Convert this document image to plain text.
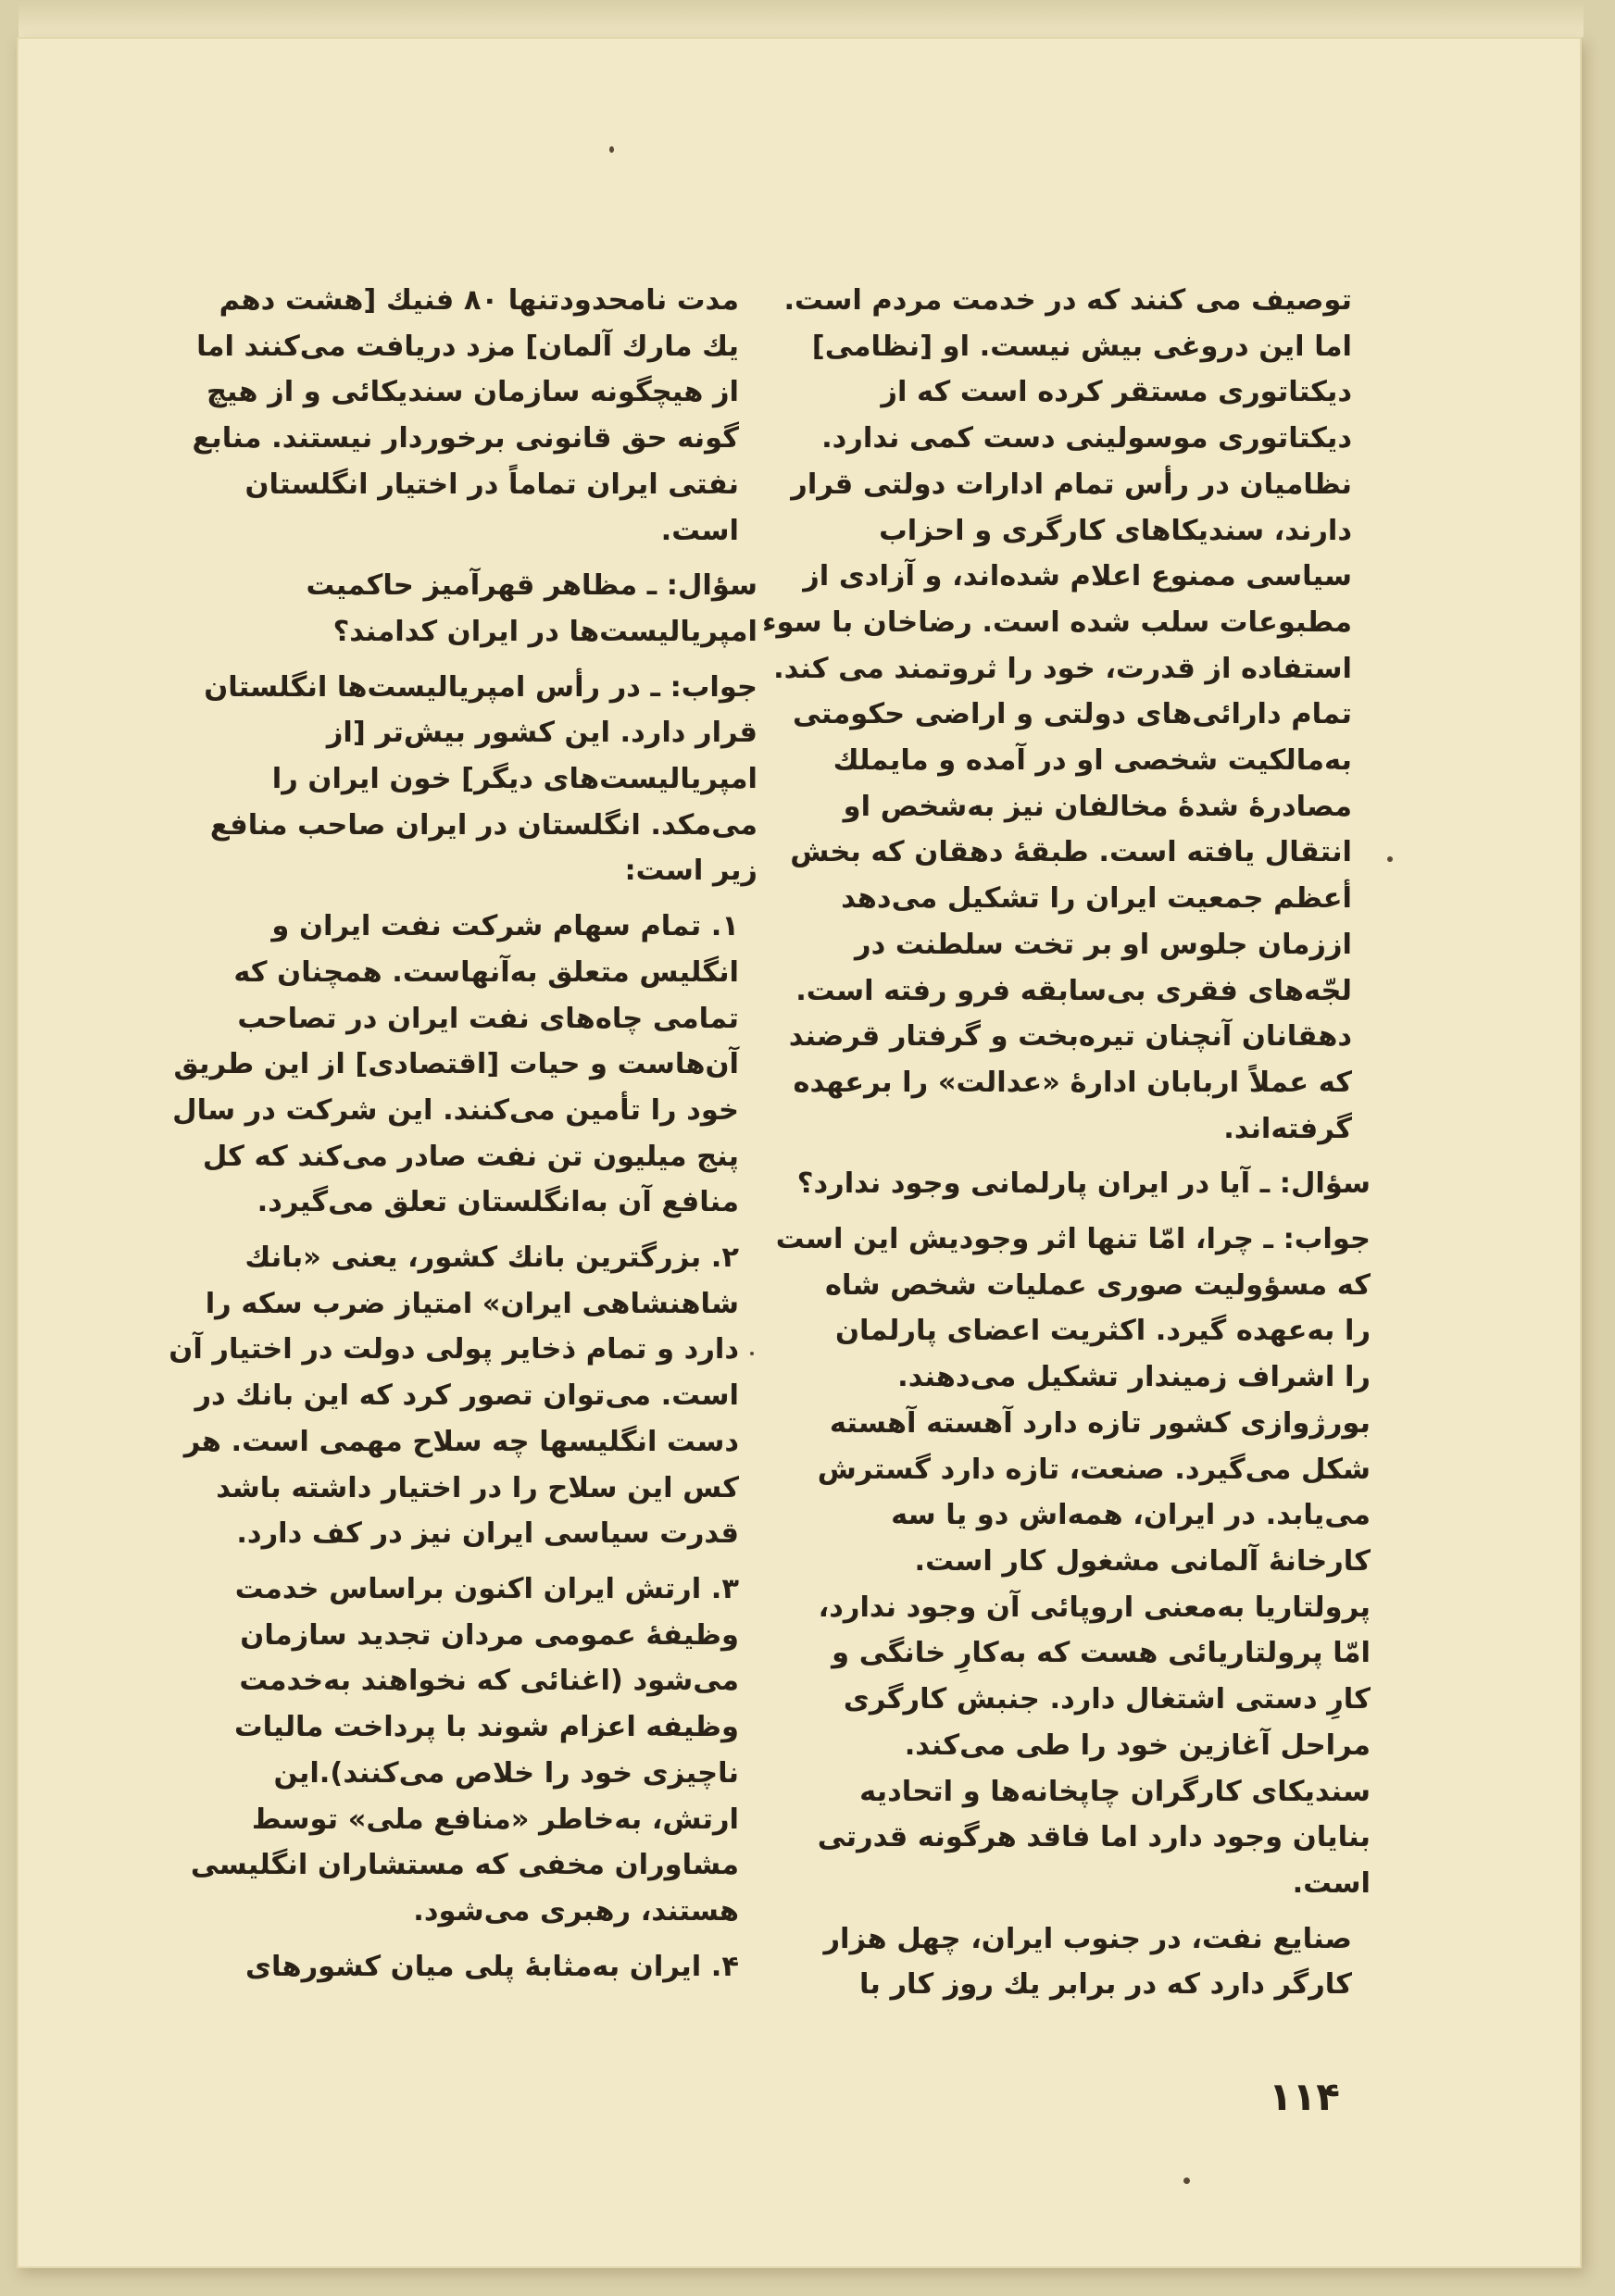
توصیف می کنند که در خدمت مردم است.
اما این دروغی بیش نیست. او [نظامی]
دیکتاتوری مستقر کرده است که از
دیکتاتوری موسولینی دست کمی ندارد.
نظامیان در رأس تمام ادارات دولتی قرار
دارند، سندیکاهای کارگری و احزاب
سیاسی ممنوع اعلام شده‌اند، و آزادی از
مطبوعات سلب شده است. رضاخان با سوء
استفاده از قدرت، خود را ثروتمند می کند.
تمام دارائی‌های دولتی و اراضی حکومتی
به‌مالکیت شخصی او در آمده و مایملك
مصادرهٔ شدهٔ مخالفان نیز به‌شخص او
انتقال یافته است. طبقهٔ دهقان که بخش
أعظم جمعیت ایران را تشکیل می‌دهد
اززمان جلوس او بر تخت سلطنت در
لجّه‌های فقری بی‌سابقه فرو رفته است.
دهقانان آنچنان تیره‌بخت و گرفتار قرضند
که عملاً اربابان ادارهٔ «عدالت» را برعهده
گرفته‌اند.

سؤال: ـ آیا در ایران پارلمانی وجود ندارد؟

جواب: ـ چرا، امّا تنها اثر وجودیش این است
که مسؤولیت صوری عملیات شخص شاه
را به‌عهده گیرد. اکثریت اعضای پارلمان
را اشراف زمیندار تشکیل می‌دهند.
بورژوازی کشور تازه دارد آهسته آهسته
شکل می‌گیرد. صنعت، تازه دارد گسترش
می‌یابد. در ایران، همه‌اش دو یا سه
کارخانهٔ آلمانی مشغول کار است.
پرولتاریا به‌معنی اروپائی آن وجود ندارد،
امّا پرولتاریائی هست که به‌کارِ خانگی و
کارِ دستی اشتغال دارد. جنبش کارگری
مراحل آغازین خود را طی می‌کند.
سندیکای کارگران چاپخانه‌ها و اتحادیه
بنایان وجود دارد اما فاقد هرگونه قدرتی
است.

صنایع نفت، در جنوب ایران، چهل هزار
کارگر دارد که در برابر یك روز کار با

مدت نامحدودتنها ۸۰ فنیك [هشت دهم
یك مارك آلمان] مزد دریافت می‌کنند اما
از هیچگونه سازمان سندیکائی و از هیچ
گونه حق قانونی برخوردار نیستند. منابع
نفتی ایران تماماً در اختیار انگلستان
است.

سؤال: ـ مظاهر قهرآمیز حاکمیت
امپریالیست‌ها در ایران کدامند؟

جواب: ـ در رأس امپریالیست‌ها انگلستان
قرار دارد. این کشور بیش‌تر [از
امپریالیست‌های دیگر] خون ایران را
می‌مکد. انگلستان در ایران صاحب منافع
زیر است:

۱. تمام سهام شرکت نفت ایران و
انگلیس متعلق به‌آنهاست. همچنان که
تمامی چاه‌های نفت ایران در تصاحب
آن‌هاست و حیات [اقتصادی] از این طریق
خود را تأمین می‌کنند. این شرکت در سال
پنج میلیون تن نفت صادر می‌کند که کل
منافع آن به‌انگلستان تعلق می‌گیرد.

۲. بزرگترین بانك کشور، یعنی «بانك
شاهنشاهی ایران» امتیاز ضرب سکه را
دارد و تمام ذخایر پولی دولت در اختیار آن
است. می‌توان تصور کرد که این بانك در
دست انگلیسها چه سلاح مهمی است. هر
کس این سلاح را در اختیار داشته باشد
قدرت سیاسی ایران نیز در کف دارد.

۳. ارتش ایران اکنون براساس خدمت
وظیفهٔ عمومی مردان تجدید سازمان
می‌شود (اغنائی که نخواهند به‌خدمت
وظیفه اعزام شوند با پرداخت مالیات
ناچیزی خود را خلاص می‌کنند).این
ارتش، به‌خاطر «منافع ملی» توسط
مشاوران مخفی که مستشاران انگلیسی
هستند، رهبری می‌شود.

۴. ایران به‌مثابهٔ پلی میان کشورهای

۱۱۴
